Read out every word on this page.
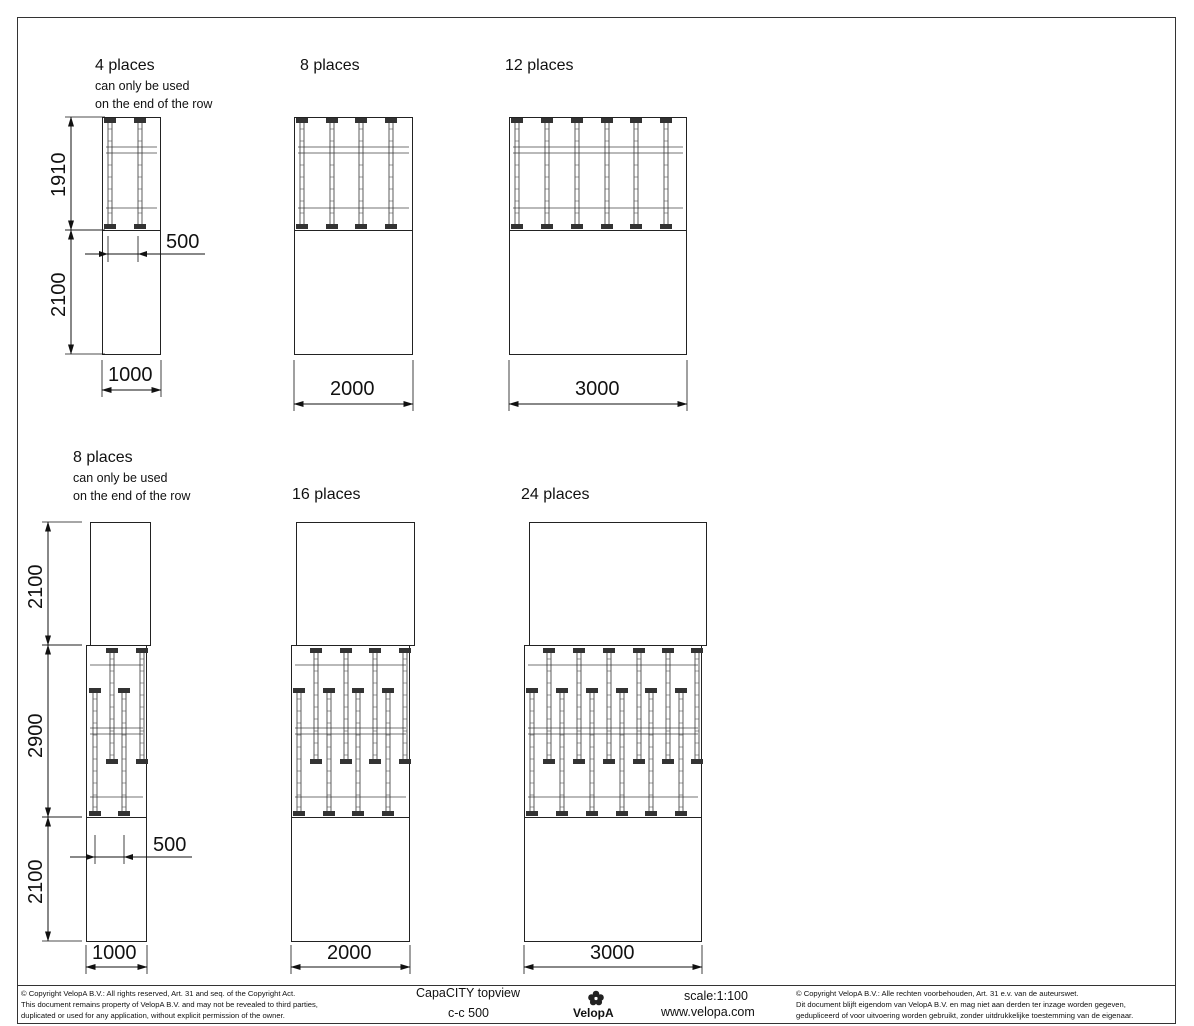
4 places
can only be used
on the end of the row
1910
2100
500
1000
8 places
2000
12 places
3000
8 places
can only be used
on the end of the row
2100
2900
2100
500
1000
16 places
2000
24 places
3000
© Copyright VelopA B.V.: All rights reserved, Art. 31 and seq. of the Copyright Act.
This document remains property of VelopA B.V. and may not be revealed to third parties,
duplicated or used for any application, without explicit permission of the owner.
CapaCITY topview
c-c 500	VelopA
scale:1:100
www.velopa.com
© Copyright VelopA B.V.: Alle rechten voorbehouden, Art. 31 e.v. van de auteurswet.
Dit document blijft eigendom van VelopA B.V. en mag niet aan derden ter inzage worden gegeven,
gedupliceerd of voor uitvoering worden gebruikt, zonder uitdrukkelijke toestemming van de eigenaar.
